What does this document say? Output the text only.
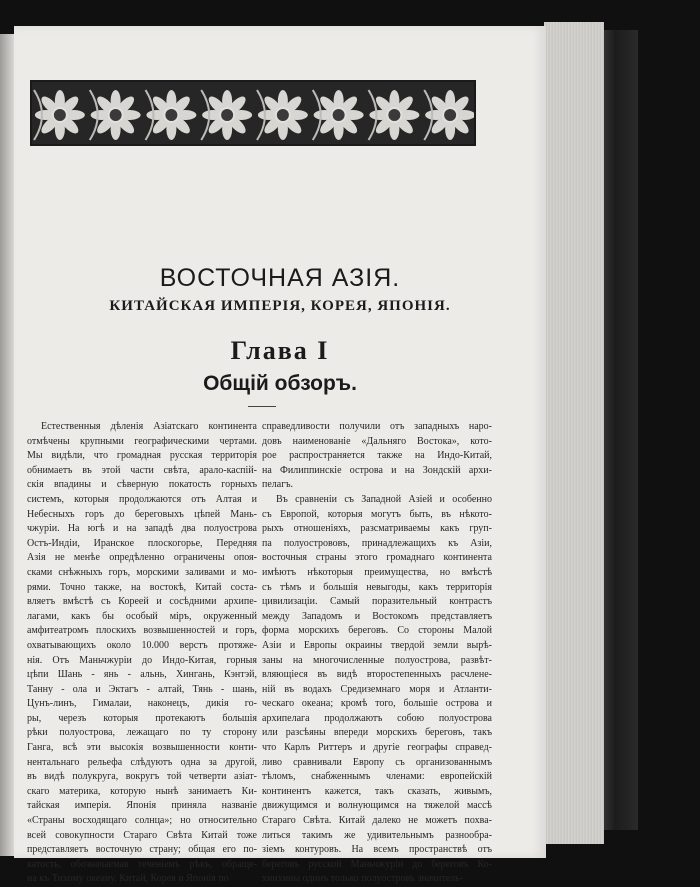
ВОСТОЧНАЯ АЗІЯ.
КИТАЙСКАЯ ИМПЕРІЯ, КОРЕЯ, ЯПОНІЯ.
Глава I
Общій обзоръ.
Естественныя дѣленія Азіатскаго континента
отмѣчены крупными географическими чертами.
Мы видѣли, что громадная русская территорія
обнимаетъ въ этой части свѣта, арало-каспій-
скія впадины и сѣверную покатость горныхъ
системъ, которыя продолжаются отъ Алтая и
Небесныхъ горъ до береговыхъ цѣпей Мань-
чжуріи. На югѣ и на западѣ два полуострова
Остъ-Индіи, Иранское плоскогорье, Передняя
Азія не менѣе опредѣленно ограничены опоя-
сками снѣжныхъ горъ, морскими заливами и мо-
рями. Точно также, на востокѣ, Китай соста-
вляетъ вмѣстѣ съ Кореей и сосѣдними архипе-
лагами, какъ бы особый міръ, окруженный
амфитеатромъ плоскихъ возвышенностей и горъ,
охватывающихъ около 10.000 верстъ протяже-
нія. Отъ Маньчжуріи до Индо-Китая, горныя
цѣпи Шань - янь - альнь, Хингань, Кэнтэй,
Танну - ола и Эктагъ - алтай, Тянь - шань,
Цунъ-линъ, Гималаи, наконецъ, дикія го-
ры, черезъ которыя протекаютъ большія
рѣки полуострова, лежащаго по ту сторону
Ганга, всѣ эти высокія возвышенности конти-
нентальнаго рельефа слѣдуютъ одна за другой,
въ видѣ полукруга, вокругъ той четверти азіат-
скаго материка, которую нынѣ занимаетъ Ки-
тайская имперія. Японія приняла названіе
«Страны восходящаго солнца»; но относительно
всей совокупности Стараго Свѣта Китай тоже
представляетъ восточную страну; общая его по-
катость, обозначаемая теченіемъ рѣкъ, обраще-
на къ Тихому океану. Китай, Корея и Японія по
справедливости получили отъ западныхъ наро-
довъ наименованіе «Дальняго Востока», кото-
рое распространяется также на Индо-Китай,
на Филиппинскіе острова и на Зондскій архи-
пелагъ.
Въ сравненіи съ Западной Азіей и особенно
съ Европой, которыя могутъ быть, въ нѣкото-
рыхъ отношеніяхъ, разсматриваемы какъ груп-
па полуострововъ, принадлежащихъ къ Азіи,
восточныя страны этого громаднаго континента
имѣютъ нѣкоторыя преимущества, но вмѣстѣ
съ тѣмъ и большія невыгоды, какъ территорія
цивилизаціи. Самый поразительный контрастъ
между Западомъ и Востокомъ представляетъ
форма морскихъ береговъ. Со стороны Малой
Азіи и Европы окраины твердой земли вырѣ-
заны на многочисленные полуострова, развѣт-
вляющіеся въ видѣ второстепенныхъ расчлене-
ній въ водахъ Средиземнаго моря и Атланти-
ческаго океана; кромѣ того, большіе острова и
архипелага продолжаютъ собою полуострова
или разсѣяны впереди морскихъ береговъ, такъ
что Карлъ Риттеръ и другіе географы справед-
ливо сравнивали Европу съ организованнымъ
тѣломъ, снабженнымъ членами: европейскій
континентъ кажется, такъ сказать, живымъ,
движущимся и волнующимся на тяжелой массѣ
Стараго Свѣта. Китай далеко не можетъ похва-
литься такимъ же удивительнымъ разнообра-
зіемъ контуровъ. На всемъ пространствѣ отъ
береговъ русской Маньчжуріи до береговъ Ко-
хинхины одинъ только полуостровъ значитель-
